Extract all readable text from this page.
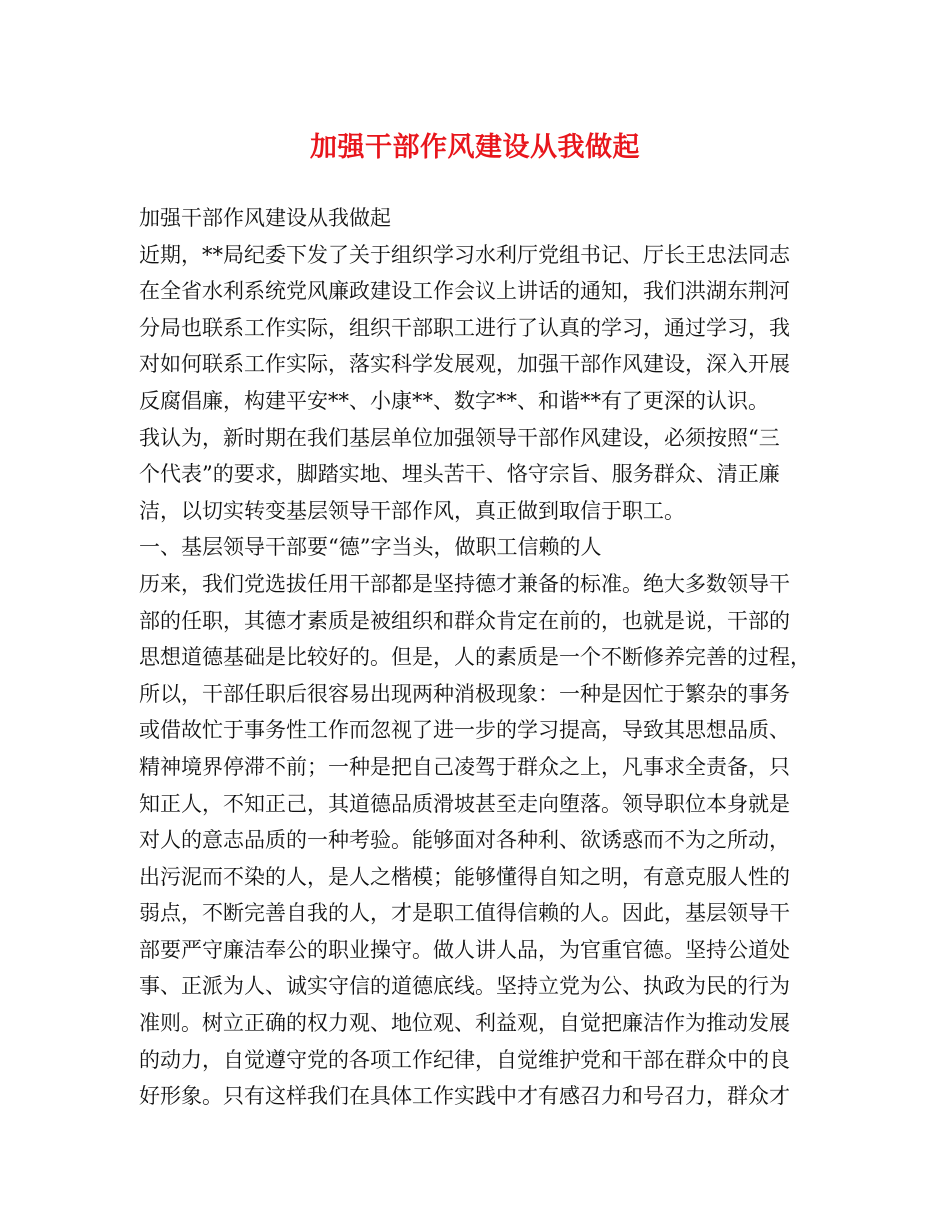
加强干部作风建设从我做起
加强干部作风建设从我做起
近期，**局纪委下发了关于组织学习水利厅党组书记、厅长王忠法同志
在全省水利系统党风廉政建设工作会议上讲话的通知，我们洪湖东荆河
分局也联系工作实际，组织干部职工进行了认真的学习，通过学习，我
对如何联系工作实际，落实科学发展观，加强干部作风建设，深入开展
反腐倡廉，构建平安**、小康**、数字**、和谐**有了更深的认识。
我认为，新时期在我们基层单位加强领导干部作风建设，必须按照“三
个代表”的要求，脚踏实地、埋头苦干、恪守宗旨、服务群众、清正廉
洁，以切实转变基层领导干部作风，真正做到取信于职工。
一、基层领导干部要“德”字当头，做职工信赖的人
历来，我们党选拔任用干部都是坚持德才兼备的标准。绝大多数领导干
部的任职，其德才素质是被组织和群众肯定在前的，也就是说，干部的
思想道德基础是比较好的。但是，人的素质是一个不断修养完善的过程，
所以，干部任职后很容易出现两种消极现象：一种是因忙于繁杂的事务
或借故忙于事务性工作而忽视了进一步的学习提高，导致其思想品质、
精神境界停滞不前；一种是把自己凌驾于群众之上，凡事求全责备，只
知正人，不知正己，其道德品质滑坡甚至走向堕落。领导职位本身就是
对人的意志品质的一种考验。能够面对各种利、欲诱惑而不为之所动，
出污泥而不染的人，是人之楷模；能够懂得自知之明，有意克服人性的
弱点，不断完善自我的人，才是职工值得信赖的人。因此，基层领导干
部要严守廉洁奉公的职业操守。做人讲人品，为官重官德。坚持公道处
事、正派为人、诚实守信的道德底线。坚持立党为公、执政为民的行为
准则。树立正确的权力观、地位观、利益观，自觉把廉洁作为推动发展
的动力，自觉遵守党的各项工作纪律，自觉维护党和干部在群众中的良
好形象。只有这样我们在具体工作实践中才有感召力和号召力，群众才
